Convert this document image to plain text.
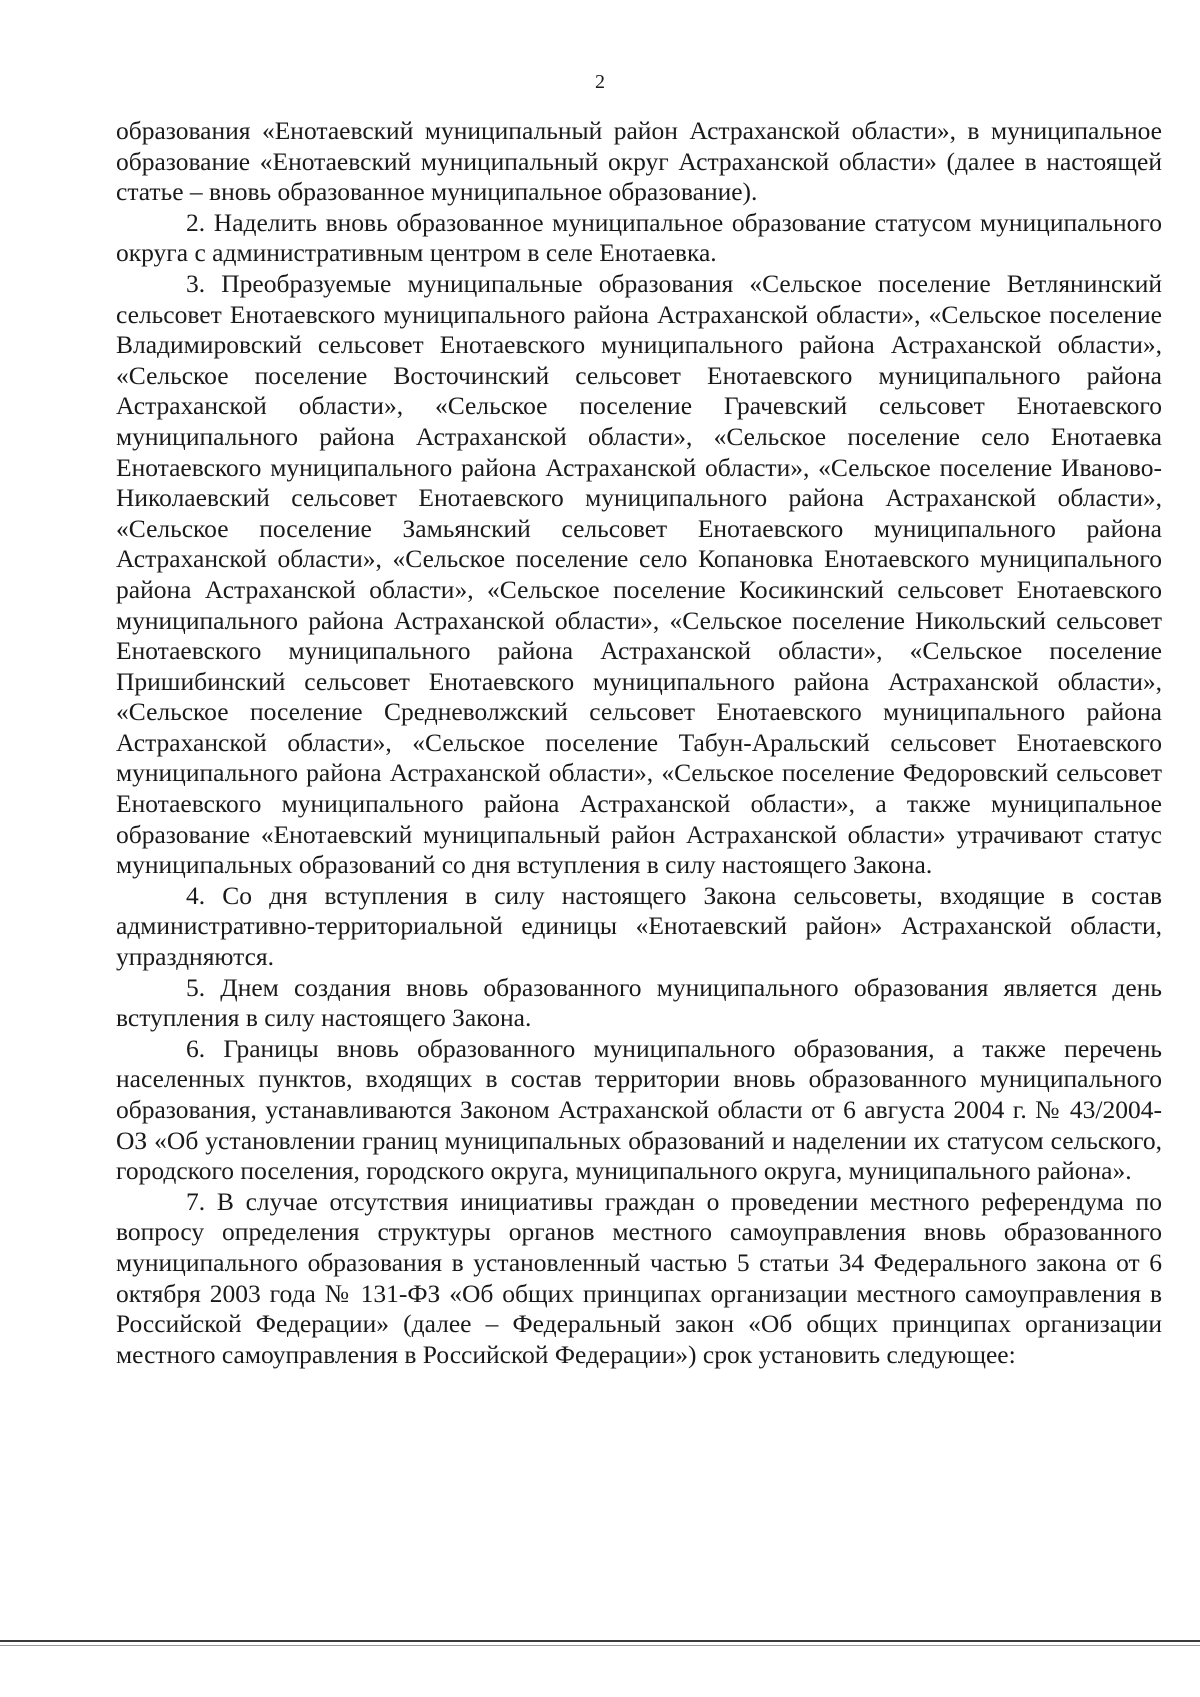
2

образования «Енотаевский муниципальный район Астраханской области», в муниципальное образование «Енотаевский муниципальный округ Астраханской области» (далее в настоящей статье – вновь образованное муниципальное образование).

2. Наделить вновь образованное муниципальное образование статусом муниципального округа с административным центром в селе Енотаевка.

3. Преобразуемые муниципальные образования «Сельское поселение Ветлянинский сельсовет Енотаевского муниципального района Астраханской области», «Сельское поселение Владимировский сельсовет Енотаевского муниципального района Астраханской области», «Сельское поселение Восточинский сельсовет Енотаевского муниципального района Астраханской области», «Сельское поселение Грачевский сельсовет Енотаевского муниципального района Астраханской области», «Сельское поселение село Енотаевка Енотаевского муниципального района Астраханской области», «Сельское поселение Иваново-Николаевский сельсовет Енотаевского муниципального района Астраханской области», «Сельское поселение Замьянский сельсовет Енотаевского муниципального района Астраханской области», «Сельское поселение село Копановка Енотаевского муниципального района Астраханской области», «Сельское поселение Косикинский сельсовет Енотаевского муниципального района Астраханской области», «Сельское поселение Никольский сельсовет Енотаевского муниципального района Астраханской области», «Сельское поселение Пришибинский сельсовет Енотаевского муниципального района Астраханской области», «Сельское поселение Средневолжский сельсовет Енотаевского муниципального района Астраханской области», «Сельское поселение Табун-Аральский сельсовет Енотаевского муниципального района Астраханской области», «Сельское поселение Федоровский сельсовет Енотаевского муниципального района Астраханской области», а также муниципальное образование «Енотаевский муниципальный район Астраханской области» утрачивают статус муниципальных образований со дня вступления в силу настоящего Закона.

4. Со дня вступления в силу настоящего Закона сельсоветы, входящие в состав административно-территориальной единицы «Енотаевский район» Астраханской области, упраздняются.

5. Днем создания вновь образованного муниципального образования является день вступления в силу настоящего Закона.

6. Границы вновь образованного муниципального образования, а также перечень населенных пунктов, входящих в состав территории вновь образованного муниципального образования, устанавливаются Законом Астраханской области от 6 августа 2004 г. № 43/2004-ОЗ «Об установлении границ муниципальных образований и наделении их статусом сельского, городского поселения, городского округа, муниципального округа, муниципального района».

7. В случае отсутствия инициативы граждан о проведении местного референдума по вопросу определения структуры органов местного самоуправления вновь образованного муниципального образования в установленный частью 5 статьи 34 Федерального закона от 6 октября 2003 года № 131-ФЗ «Об общих принципах организации местного самоуправления в Российской Федерации» (далее – Федеральный закон «Об общих принципах организации местного самоуправления в Российской Федерации») срок установить следующее:
